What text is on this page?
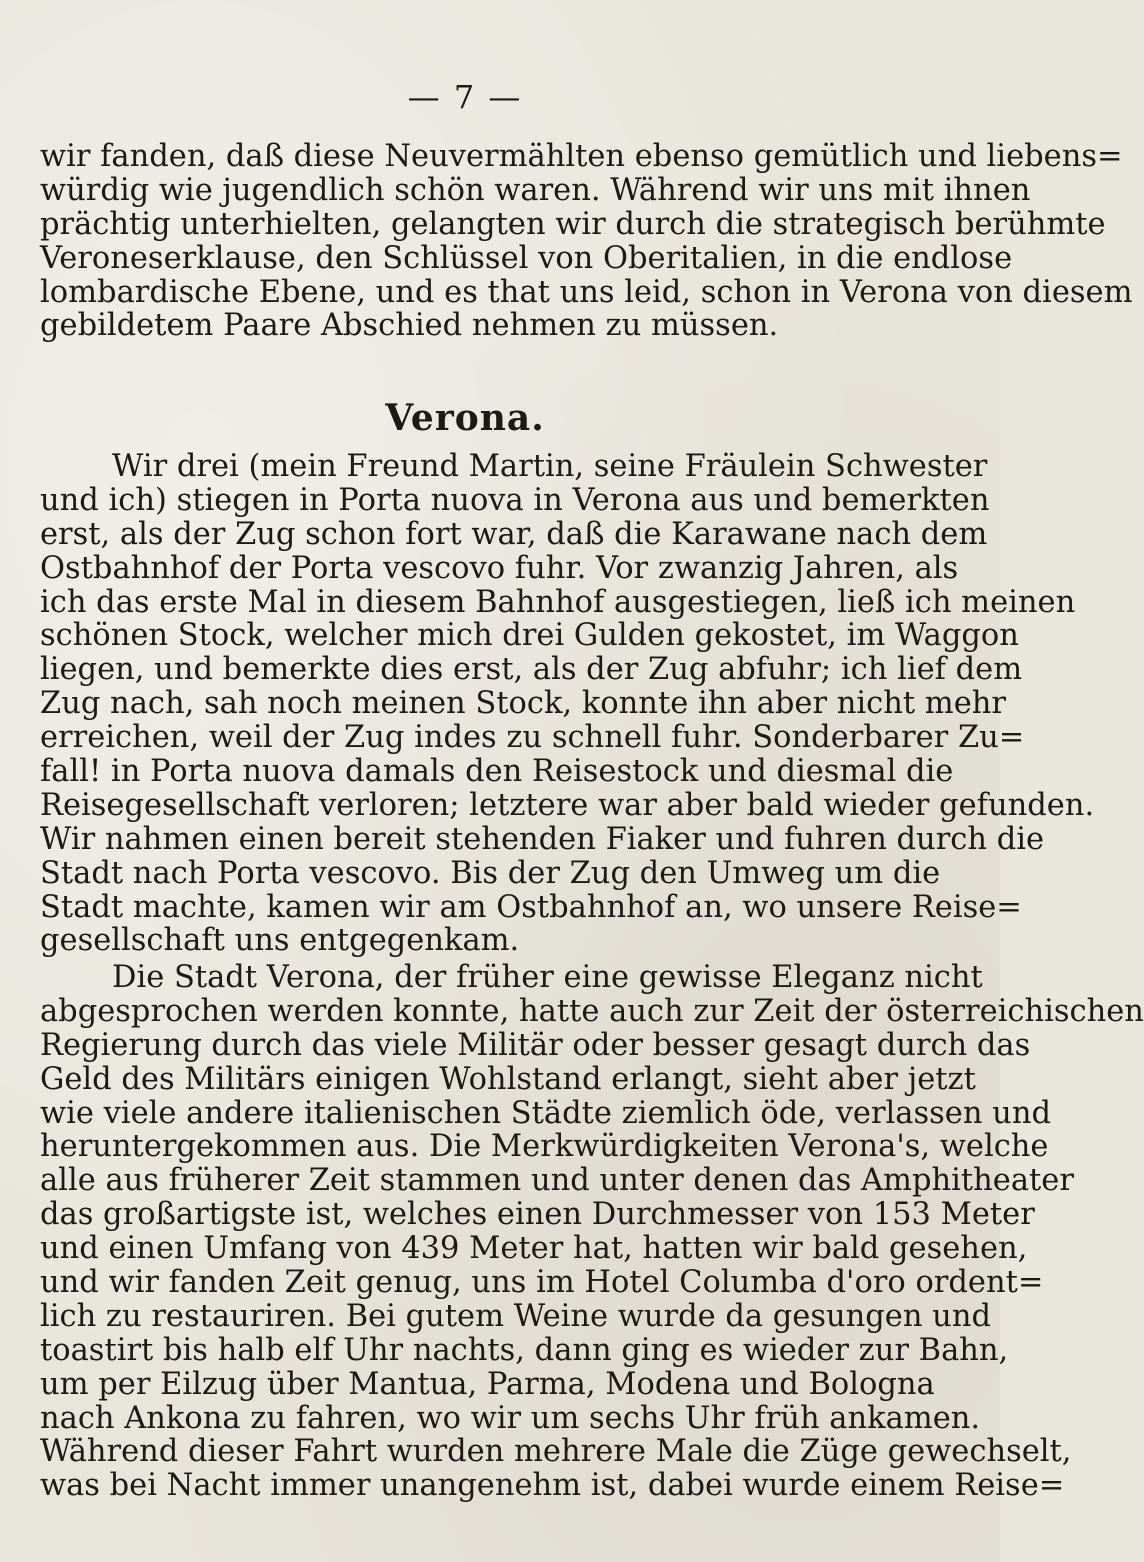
— 7 —
wir fanden, daß diese Neuvermählten ebenso gemütlich und liebens=
würdig wie jugendlich schön waren. Während wir uns mit ihnen
prächtig unterhielten, gelangten wir durch die strategisch berühmte
Veroneserklause, den Schlüssel von Oberitalien, in die endlose
lombardische Ebene, und es that uns leid, schon in Verona von diesem
gebildetem Paare Abschied nehmen zu müssen.
Verona.
Wir drei (mein Freund Martin, seine Fräulein Schwester
und ich) stiegen in Porta nuova in Verona aus und bemerkten
erst, als der Zug schon fort war, daß die Karawane nach dem
Ostbahnhof der Porta vescovo fuhr. Vor zwanzig Jahren, als
ich das erste Mal in diesem Bahnhof ausgestiegen, ließ ich meinen
schönen Stock, welcher mich drei Gulden gekostet, im Waggon
liegen, und bemerkte dies erst, als der Zug abfuhr; ich lief dem
Zug nach, sah noch meinen Stock, konnte ihn aber nicht mehr
erreichen, weil der Zug indes zu schnell fuhr. Sonderbarer Zu=
fall! in Porta nuova damals den Reisestock und diesmal die
Reisegesellschaft verloren; letztere war aber bald wieder gefunden.
Wir nahmen einen bereit stehenden Fiaker und fuhren durch die
Stadt nach Porta vescovo. Bis der Zug den Umweg um die
Stadt machte, kamen wir am Ostbahnhof an, wo unsere Reise=
gesellschaft uns entgegenkam.
Die Stadt Verona, der früher eine gewisse Eleganz nicht
abgesprochen werden konnte, hatte auch zur Zeit der österreichischen
Regierung durch das viele Militär oder besser gesagt durch das
Geld des Militärs einigen Wohlstand erlangt, sieht aber jetzt
wie viele andere italienischen Städte ziemlich öde, verlassen und
heruntergekommen aus. Die Merkwürdigkeiten Verona's, welche
alle aus früherer Zeit stammen und unter denen das Amphitheater
das großartigste ist, welches einen Durchmesser von 153 Meter
und einen Umfang von 439 Meter hat, hatten wir bald gesehen,
und wir fanden Zeit genug, uns im Hotel Columba d'oro ordent=
lich zu restauriren. Bei gutem Weine wurde da gesungen und
toastirt bis halb elf Uhr nachts, dann ging es wieder zur Bahn,
um per Eilzug über Mantua, Parma, Modena und Bologna
nach Ankona zu fahren, wo wir um sechs Uhr früh ankamen.
Während dieser Fahrt wurden mehrere Male die Züge gewechselt,
was bei Nacht immer unangenehm ist, dabei wurde einem Reise=
